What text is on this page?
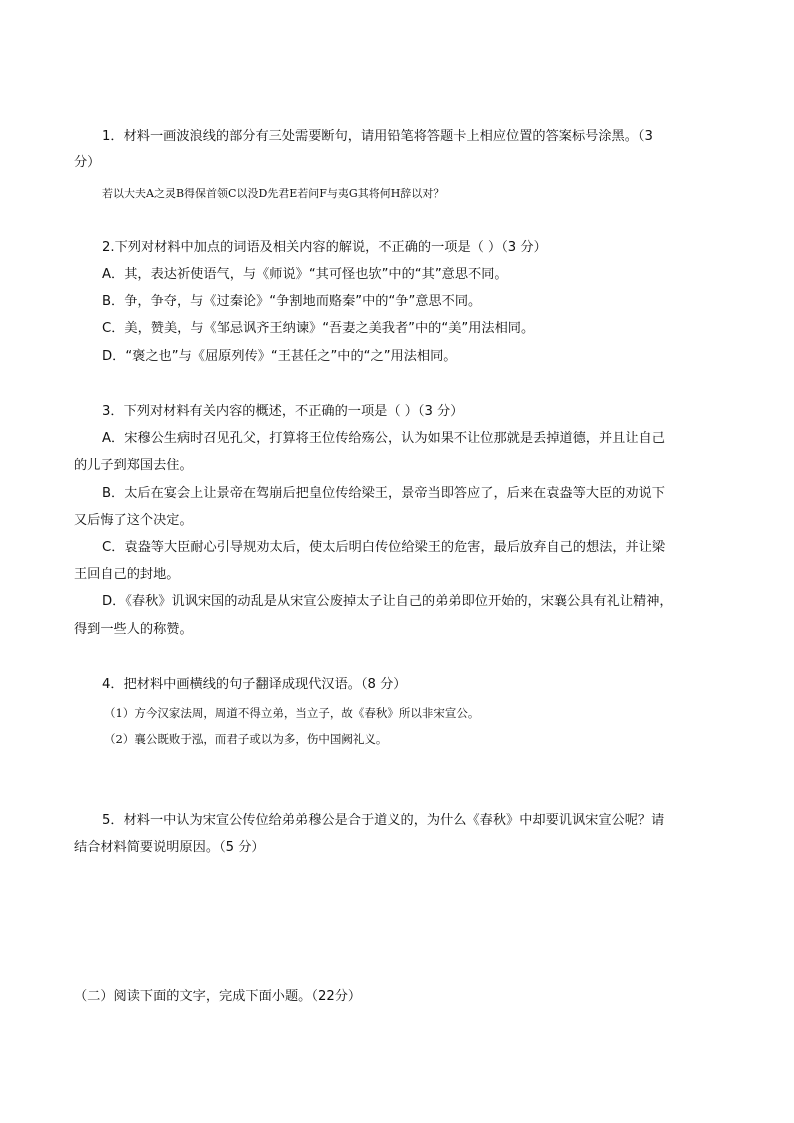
1．材料一画波浪线的部分有三处需要断句，请用铅笔将答题卡上相应位置的答案标号涂黑。（3
分）
若以大夫A之灵B得保首领C以没D先君E若问F与夷G其将何H辞以对？
2.下列对材料中加点的词语及相关内容的解说，不正确的一项是（ ）（3 分）
A．其，表达祈使语气，与《师说》“其可怪也欤”中的“其”意思不同。
B．争，争夺，与《过秦论》“争割地而赂秦”中的“争”意思不同。
C．美，赞美，与《邹忌讽齐王纳谏》“吾妻之美我者”中的“美”用法相同。
D．“褒之也”与《屈原列传》“王甚任之”中的“之”用法相同。
3．下列对材料有关内容的概述，不正确的一项是（ ）（3 分）
A．宋穆公生病时召见孔父，打算将王位传给殇公，认为如果不让位那就是丢掉道德，并且让自己
的儿子到郑国去住。
B．太后在宴会上让景帝在驾崩后把皇位传给梁王，景帝当即答应了，后来在袁盎等大臣的劝说下
又后悔了这个决定。
C．袁盎等大臣耐心引导规劝太后，使太后明白传位给梁王的危害，最后放弃自己的想法，并让梁
王回自己的封地。
D．《春秋》讥讽宋国的动乱是从宋宣公废掉太子让自己的弟弟即位开始的，宋襄公具有礼让精神，
得到一些人的称赞。
4．把材料中画横线的句子翻译成现代汉语。（8 分）
（1）方今汉家法周，周道不得立弟，当立子，故《春秋》所以非宋宣公。
（2）襄公既败于泓，而君子或以为多，伤中国阙礼义。
5．材料一中认为宋宣公传位给弟弟穆公是合于道义的，为什么《春秋》中却要讥讽宋宣公呢？请
结合材料简要说明原因。（5 分）
（二）阅读下面的文字，完成下面小题。（22分）
